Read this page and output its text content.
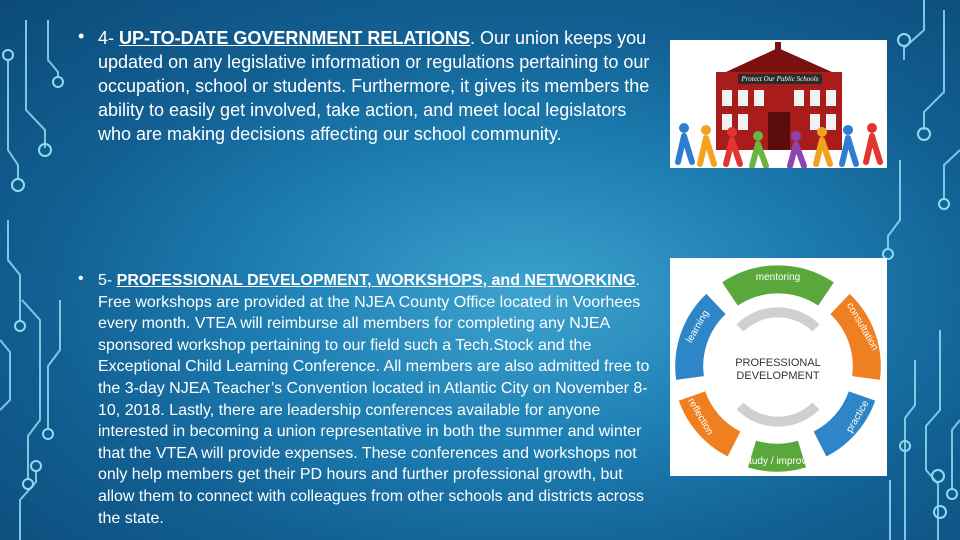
• 4- UP-TO-DATE GOVERNMENT RELATIONS. Our union keeps you updated on any legislative information or regulations pertaining to our occupation, school or students. Furthermore, it gives its members the ability to easily get involved, take action, and meet local legislators who are making decisions affecting our school community.
• 5- PROFESSIONAL DEVELOPMENT, WORKSHOPS, and NETWORKING. Free workshops are provided at the NJEA County Office located in Voorhees every month. VTEA will reimburse all members for completing any NJEA sponsored workshop pertaining to our field such a Tech.Stock and the Exceptional Child Learning Conference. All members are also admitted free to the 3-day NJEA Teacher’s Convention located in Atlantic City on November 8-10, 2018. Lastly, there are leadership conferences available for anyone interested in becoming a union representative in both the summer and winter that the VTEA will provide expenses. These conferences and workshops not only help members get their PD hours and further professional growth, but allow them to connect with colleagues from other schools and districts across the state.
Protect Our Public Schools
mentoring
consultation
practice
study / improve
reflection
learning
PROFESSIONAL
DEVELOPMENT
